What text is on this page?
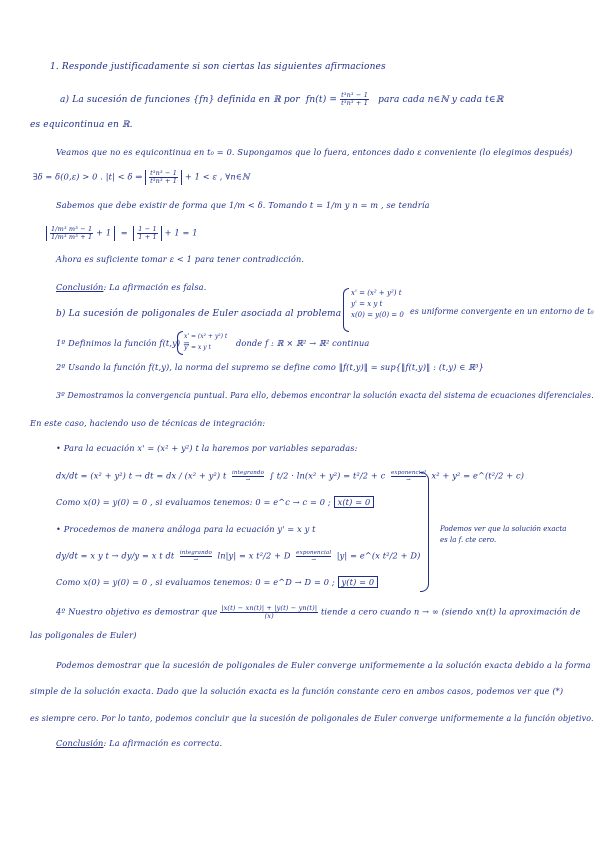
1. Responde justificadamente si son ciertas las siguientes afirmaciones
a) La sucesión de funciones {fn} definida en ℝ por $fn(t) = \frac{\text{t³n³ − 1}}{\text{t³n³ + 1}}$ para cada n∈ℕ y cada t∈ℝ
es equicontinua en ℝ.
Veamos que no es equicontinua en t₀ = 0. Supongamos que lo fuera, entonces dado ε conveniente (lo elegimos después)
∃δ = δ(0,ε) > 0 . |t| < δ ⇒ $\frac{\text{t³n³ − 1}}{\text{t³n³ + 1}} + 1 < \varepsilon$ , ∀n∈ℕ
Sabemos que debe existir de forma que 1/m < δ. Tomando t = 1/m y n = m , se tendría
$\frac{\text{1/m³ m³ − 1}}{\text{1/m³ m³ + 1}} + 1 = \frac{1 - 1}{1 + 1} + 1 = 1$
Ahora es suficiente tomar ε < 1 para tener contradicción.
Conclusión: La afirmación es falsa.
b) La sucesión de poligonales de Euler asociada al problema
x' = (x² + y²) t
y' = x y t
x(0) = y(0) = 0 es uniforme convergente en un entorno de t₀
1º Definimos la función f(t,y) =
x' = (x² + y²) t
y' = x y t	donde f : ℝ × ℝ² → ℝ² continua
2º Usando la función f(t,y), la norma del supremo se define como ‖f(t,y)‖ = sup{‖f(t,y)‖ : (t,y) ∈ ℝ³}
3º Demostramos la convergencia puntual. Para ello, debemos encontrar la solución exacta del sistema de ecuaciones diferenciales.
En este caso, haciendo uso de técnicas de integración:
• Para la ecuación x' = (x² + y²) t la haremos por variables separadas:
dx/dt = (x² + y²) t → dt = dx / (x² + y²) t integrando
→ ∫ t/2 · ln(x² + y²) = t²/2 + c exponencial
→	x² + y² = e^(t²/2 + c)
Como x(0) = y(0) = 0 , si evaluamos tenemos: 0 = e^c → c = 0 ; x(t) = 0
• Procedemos de manera análoga para la ecuación y' = x y t
dy/dt = x y t → dy/y = x t dt integrando
→ ln|y| = x t²/2 + D exponencial
→	|y| = e^(x t²/2 + D)
Como x(0) = y(0) = 0 , si evaluamos tenemos: 0 = e^D → D = 0 ; y(t) = 0
Podemos ver que la solución exacta
es la f. cte cero.
4º Nuestro objetivo es demostrar que $\frac{|x(t) - xn(t)| + |y(t) - yn(t)|}{(x)}$ tiende a cero cuando n → ∞ (siendo xn(t) la aproximación de
las poligonales de Euler)
Podemos demostrar que la sucesión de poligonales de Euler converge uniformemente a la solución exacta debido a la forma
simple de la solución exacta. Dado que la solución exacta es la función constante cero en ambos casos, podemos ver que (*)
es siempre cero. Por lo tanto, podemos concluir que la sucesión de poligonales de Euler converge uniformemente a la función objetivo.
Conclusión: La afirmación es correcta.
